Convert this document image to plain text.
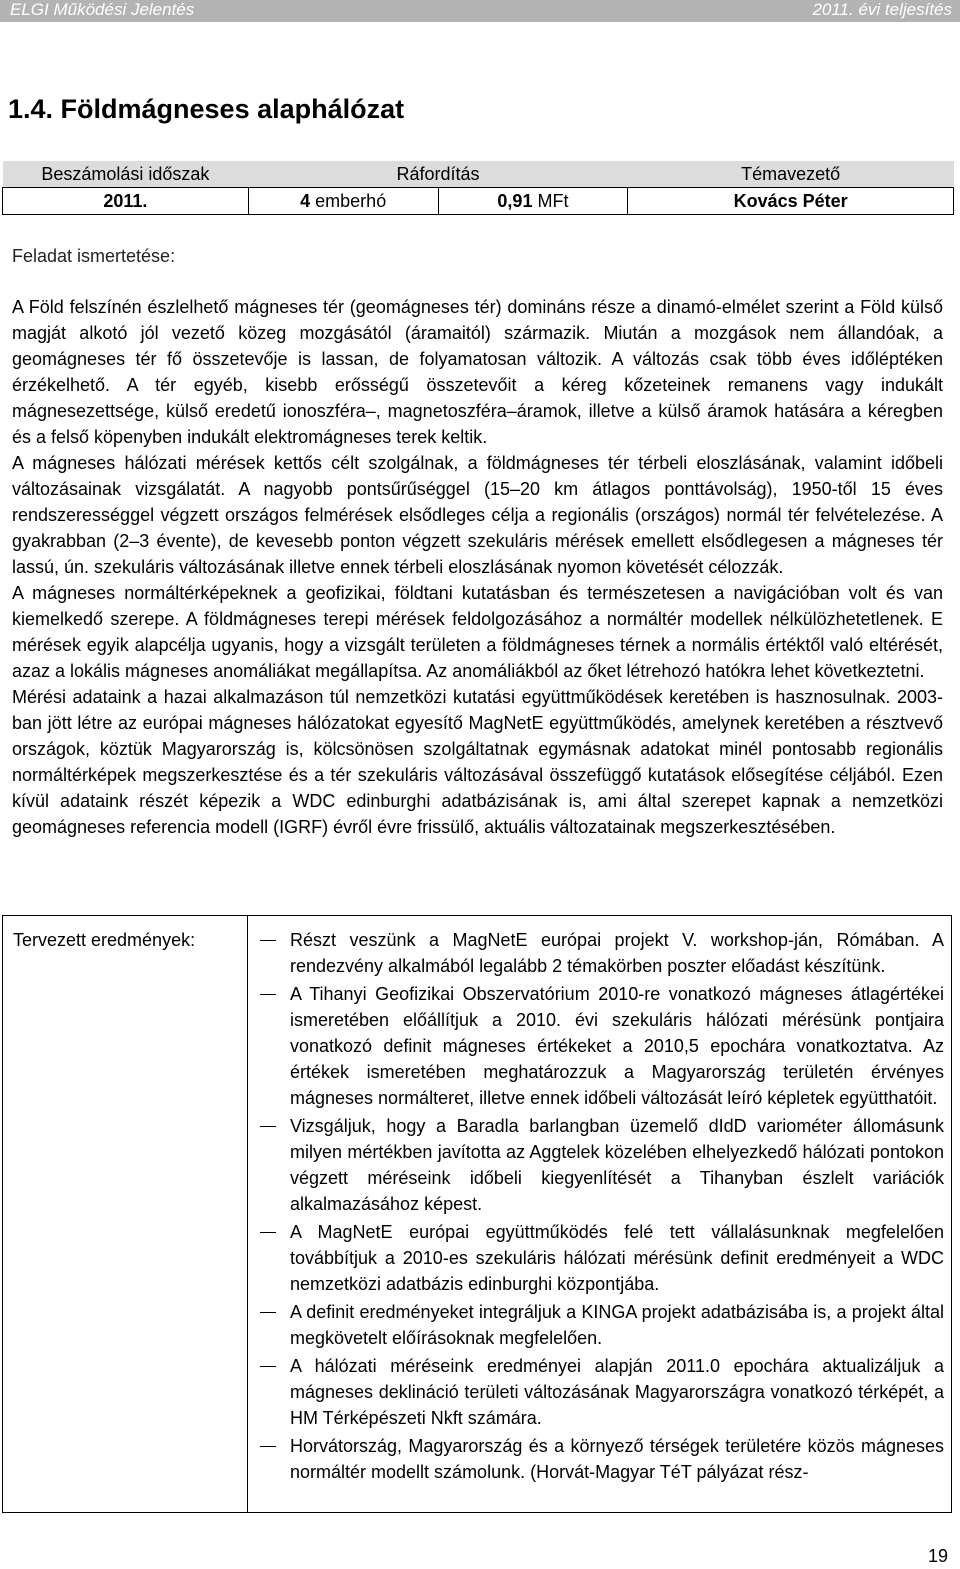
ELGI Működési Jelentés	2011. évi teljesítés
1.4. Földmágneses alaphálózat
Beszámolási időszak	Ráfordítás		Témavezető
2011.	4 emberhó	0,91 MFt	Kovács Péter
Feladat ismertetése:

A Föld felszínén észlelhető mágneses tér (geomágneses tér) domináns része a dinamó-elmélet szerint a Föld külső magját alkotó jól vezető közeg mozgásától (áramaitól) származik. Miután a mozgások nem állandóak, a geomágneses tér fő összetevője is lassan, de folyamatosan változik. A változás csak több éves időléptéken érzékelhető. A tér egyéb, kisebb erősségű összetevőit a kéreg kőzeteinek remanens vagy indukált mágnesezettsége, külső eredetű ionoszféra–, magnetoszféra–áramok, illetve a külső áramok hatására a kéregben és a felső köpenyben indukált elektromágneses terek keltik.

A mágneses hálózati mérések kettős célt szolgálnak, a földmágneses tér térbeli eloszlásának, valamint időbeli változásainak vizsgálatát. A nagyobb pontsűrűséggel (15–20 km átlagos ponttávolság), 1950-től 15 éves rendszerességgel végzett országos felmérések elsődleges célja a regionális (országos) normál tér felvételezése. A gyakrabban (2–3 évente), de kevesebb ponton végzett szekuláris mérések emellett elsődlegesen a mágneses tér lassú, ún. szekuláris változásának illetve ennek térbeli eloszlásának nyomon követését célozzák.

A mágneses normáltérképeknek a geofizikai, földtani kutatásban és természetesen a navigációban volt és van kiemelkedő szerepe. A földmágneses terepi mérések feldolgozásához a normáltér modellek nélkülözhetetlenek. E mérések egyik alapcélja ugyanis, hogy a vizsgált területen a földmágneses térnek a normális értéktől való eltérését, azaz a lokális mágneses anomáliákat megállapítsa. Az anomáliákból az őket létrehozó hatókra lehet következtetni.

Mérési adataink a hazai alkalmazáson túl nemzetközi kutatási együttműködések keretében is hasznosulnak. 2003-ban jött létre az európai mágneses hálózatokat egyesítő MagNetE együttműködés, amelynek keretében a résztvevő országok, köztük Magyarország is, kölcsönösen szolgáltatnak egymásnak adatokat minél pontosabb regionális normáltérképek megszerkesztése és a tér szekuláris változásával összefüggő kutatások elősegítése céljából. Ezen kívül adataink részét képezik a WDC edinburghi adatbázisának is, ami által szerepet kapnak a nemzetközi geomágneses referencia modell (IGRF) évről évre frissülő, aktuális változatainak megszerkesztésében.

Tervezett eredmények:	Részt veszünk a MagNetE európai projekt V. workshop-ján, Rómában. A rendezvény alkalmából legalább 2 témakörben poszter előadást készítünk.
A Tihanyi Geofizikai Obszervatórium 2010-re vonatkozó mágneses átlagértékei ismeretében előállítjuk a 2010. évi szekuláris hálózati mérésünk pontjaira vonatkozó definit mágneses értékeket a 2010,5 epochára vonatkoztatva. Az értékek ismeretében meghatározzuk a Magyarország területén érvényes mágneses normálteret, illetve ennek időbeli változását leíró képletek együtthatóit.
Vizsgáljuk, hogy a Baradla barlangban üzemelő dIdD variométer állomásunk milyen mértékben javította az Aggtelek közelében elhelyezkedő hálózati pontokon végzett méréseink időbeli kiegyenlítését a Tihanyban észlelt variációk alkalmazásához képest.
A MagNetE európai együttműködés felé tett vállalásunknak megfelelően továbbítjuk a 2010-es szekuláris hálózati mérésünk definit eredményeit a WDC nemzetközi adatbázis edinburghi központjába.
A definit eredményeket integráljuk a KINGA projekt adatbázisába is, a projekt által megkövetelt előírásoknak megfelelően.
A hálózati méréseink eredményei alapján 2011.0 epochára aktualizáljuk a mágneses deklináció területi változásának Magyarországra vonatkozó térképét, a HM Térképészeti Nkft számára.
Horvátország, Magyarország és a környező térségek területére közös mágneses normáltér modellt számolunk. (Horvát-Magyar TéT pályázat rész-
19
